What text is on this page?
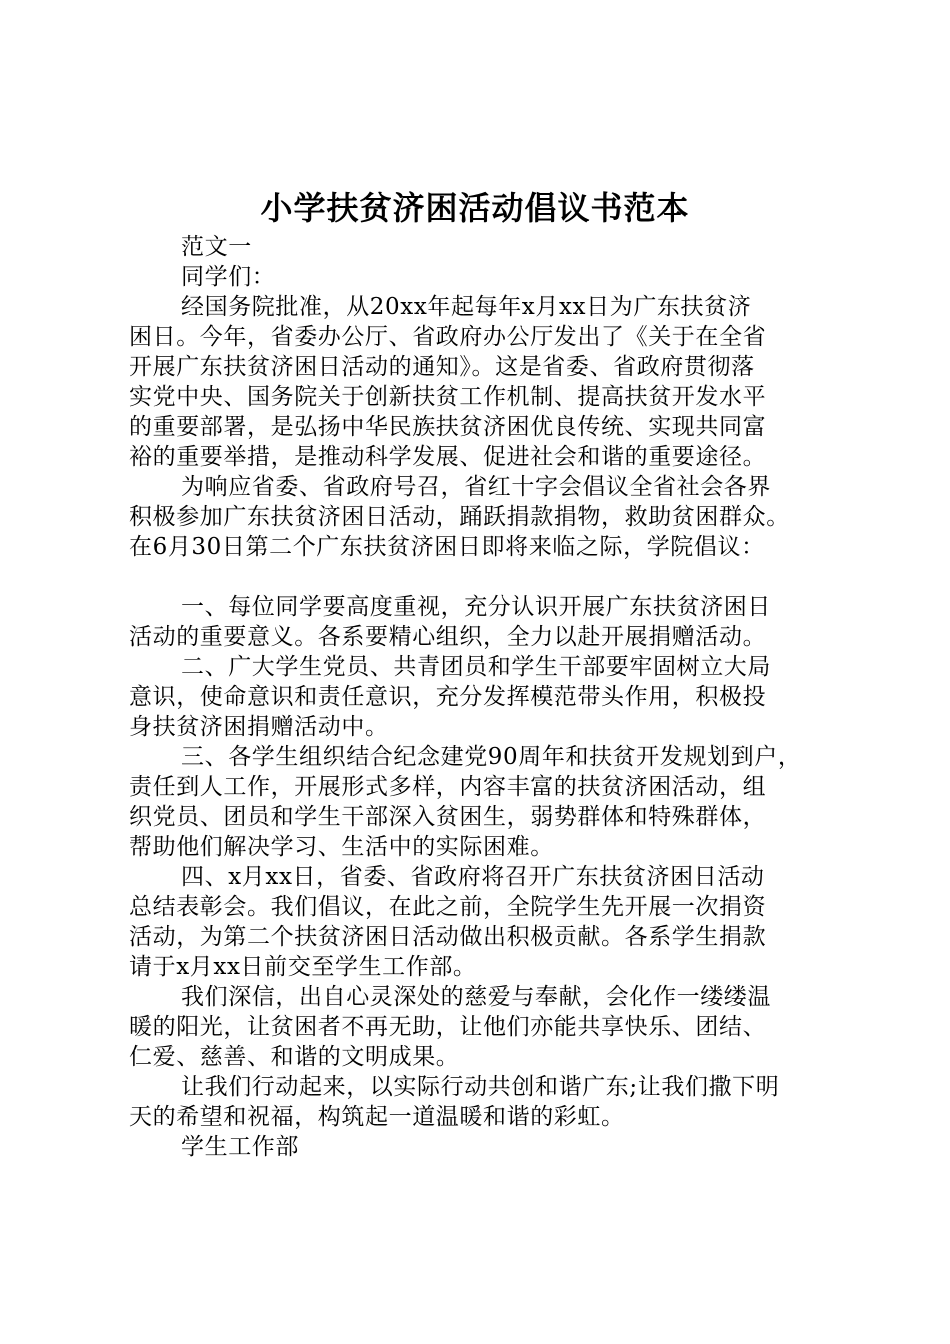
小学扶贫济困活动倡议书范本
范文一
同学们：
经国务院批准，从20xx年起每年x月xx日为广东扶贫济
困日。今年，省委办公厅、省政府办公厅发出了《关于在全省
开展广东扶贫济困日活动的通知》。这是省委、省政府贯彻落
实党中央、国务院关于创新扶贫工作机制、提高扶贫开发水平
的重要部署，是弘扬中华民族扶贫济困优良传统、实现共同富
裕的重要举措，是推动科学发展、促进社会和谐的重要途径。
为响应省委、省政府号召，省红十字会倡议全省社会各界
积极参加广东扶贫济困日活动，踊跃捐款捐物，救助贫困群众。
在6月30日第二个广东扶贫济困日即将来临之际，学院倡议：
一、每位同学要高度重视，充分认识开展广东扶贫济困日
活动的重要意义。各系要精心组织，全力以赴开展捐赠活动。
二、广大学生党员、共青团员和学生干部要牢固树立大局
意识，使命意识和责任意识，充分发挥模范带头作用，积极投
身扶贫济困捐赠活动中。
三、各学生组织结合纪念建党90周年和扶贫开发规划到户，
责任到人工作，开展形式多样，内容丰富的扶贫济困活动，组
织党员、团员和学生干部深入贫困生，弱势群体和特殊群体，
帮助他们解决学习、生活中的实际困难。
四、x月xx日，省委、省政府将召开广东扶贫济困日活动
总结表彰会。我们倡议，在此之前，全院学生先开展一次捐资
活动，为第二个扶贫济困日活动做出积极贡献。各系学生捐款
请于x月xx日前交至学生工作部。
我们深信，出自心灵深处的慈爱与奉献，会化作一缕缕温
暖的阳光，让贫困者不再无助，让他们亦能共享快乐、团结、
仁爱、慈善、和谐的文明成果。
让我们行动起来，以实际行动共创和谐广东;让我们撒下明
天的希望和祝福，构筑起一道温暖和谐的彩虹。
学生工作部
